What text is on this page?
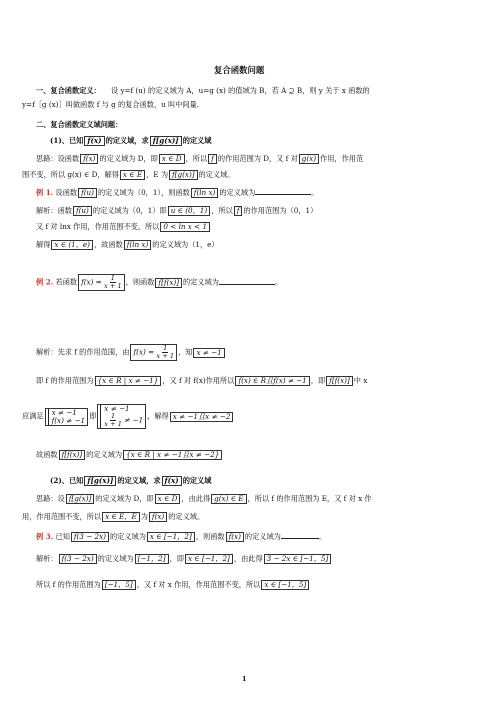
复合函数问题
一、复合函数定义： 设 y=f (u) 的定义域为 A，u=g (x) 的值域为 B，若 A ⊇ B，则 y 关于 x 函数的
y=f［g (x)］叫做函数 f 与 g 的复合函数，u 叫中间量.
二、复合函数定义域问题：
(1)、已知 f(x) 的定义域，求 f[g(x)] 的定义域
思路：设函数 f(x) 的定义域为 D，即 x ∈ D ，所以 f 的作用范围为 D，又 f 对 g(x) 作用，作用范
围不变，所以 g(x) ∈ D，解得 x ∈ E ，E 为 f[g(x)] 的定义域。
例 1. 设函数 f(u) 的定义域为（0，1），则函数 f(ln x) 的定义域为	。
解析：函数 f(u) 的定义域为（0，1）即 u ∈ (0，1) ，所以 f 的作用范围为（0，1）
又 f 对 lnx 作用，作用范围不变，所以 0 < ln x < 1
解得 x ∈ (1，e) ，故函数 f(ln x) 的定义域为（1，e）
例 2. 若函数 $f(x) = \frac{1}{x + 1}$ ，则函数 f[f(x)] 的定义域为	。
解析：先求 f 的作用范围，由 $f(x) = \frac{1}{x + 1}$ ，知 x ≠ −1
即 f 的作用范围为 {x ∈ R | x ≠ −1} ，又 f 对 f(x)作用所以 f(x) ∈ R且f(x) ≠ −1 ，即 f[f(x)] 中 x
应满足 x ≠ −1
f(x) ≠ −1 即
x ≠ −1
$\frac{1}{x + 1} \ne -1$ ，解得 x ≠ −1且x ≠ −2
故函数 f[f(x)] 的定义域为 {x ∈ R | x ≠ −1且x ≠ −2}
(2)、已知 f[g(x)] 的定义域，求 f(x) 的定义域
思路：设 f[g(x)] 的定义域为 D，即 x ∈ D ，由此得 g(x) ∈ E ，所以 f 的作用范围为 E，又 f 对 x 作
用，作用范围不变，所以 x ∈ E，E 为 f(x) 的定义域。
例 3. 已知 f(3 − 2x) 的定义域为 x ∈ [−1，2] ，则函数 f(x) 的定义域为	。
解析： f(3 − 2x) 的定义域为 [−1，2] ，即 x ∈ [−1，2] ，由此得 3 − 2x ∈ [−1，5]
所以 f 的作用范围为 [−1，5] ，又 f 对 x 作用，作用范围不变，所以 x ∈ [−1，5]
1
